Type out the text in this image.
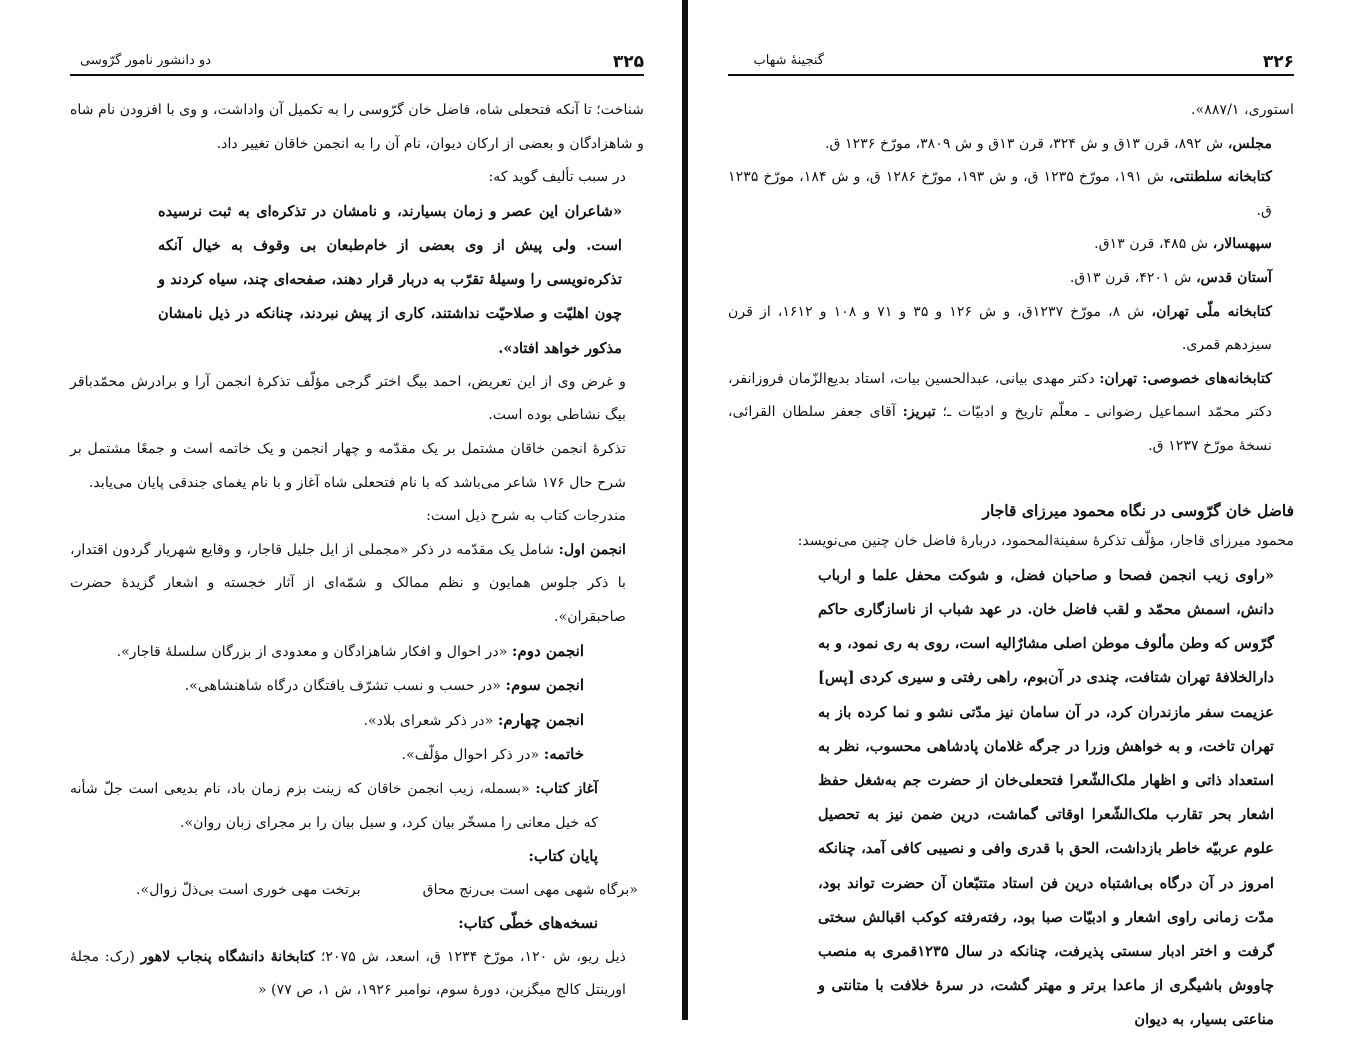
۳۲۵
دو دانشور نامور گرّوسی

شناخت؛ تا آنکه فتحعلی شاه، فاضل خان گرّوسی را به تکمیل آن واداشت، و وی با افزودن نام شاه و شاهزادگان و بعضی از ارکان دیوان، نام آن را به انجمن خاقان تغییر داد.

در سبب تألیف گوید که:

«شاعران این عصر و زمان بسیارند، و نامشان در تذکره‌ای به ثبت نرسیده است. ولی پیش از وی بعضی از خام‌طبعان بی وقوف به خیال آنکه تذکره‌نویسی را وسیلهٔ تقرّب به دربار قرار دهند، صفحه‌ای چند، سیاه کردند و چون اهلیّت و صلاحیّت نداشتند، کاری از پیش نبردند، چنانکه در ذیل نامشان مذکور خواهد افتاد».

و غرض وی از این تعریض، احمد بیگ اختر گرجی مؤلّف تذکرهٔ انجمن آرا و برادرش محمّدباقر بیگ نشاطی بوده است.

تذکرهٔ انجمن خاقان مشتمل بر یک مقدّمه و چهار انجمن و یک خاتمه است و جمعًا مشتمل بر شرح حال ۱۷۶ شاعر می‌باشد که با نام فتحعلی شاه آغاز و با نام یغمای جندقی پایان می‌یابد.

مندرجات کتاب به شرح ذیل است:

انجمن اول: شامل یک مقدّمه در ذکر «مجملی از ایل جلیل قاجار، و وقایع شهریار گردون اقتدار، با ذکر جلوس همایون و نظم ممالک و شمّه‌ای از آثار خجسته و اشعار گزیدهٔ حضرت صاحبقران».

انجمن دوم: «در احوال و افکار شاهزادگان و معدودی از بزرگان سلسلهٔ قاجار».

انجمن سوم: «در حسب و نسب تشرّف یافتگان درگاه شاهنشاهی».

انجمن چهارم: «در ذکر شعرای بلاد».

خاتمه: «در ذکر احوال مؤلّف».

آغاز کتاب: «بسمله، زیب انجمن خاقان که زینت بزم زمان باد، نام بدیعی است جلّ شأنه که خیل معانی را مسخّر بیان کرد، و سیل بیان را بر مجرای زبان روان».

پایان کتاب:

«برگاه شهی مهی است بی‌رنج محاق
برتخت مهی خوری است بی‌ذلّ زوال».

نسخه‌های خطّی کتاب:

ذیل ریو، ش ۱۲۰، مورّخ ۱۲۳۴ ق، اسعد، ش ۲۰۷۵؛ کتابخانهٔ دانشگاه پنجاب لاهور (رک: مجلهٔ اورینتل کالج میگزین، دورهٔ سوم، نوامبر ۱۹۲۶، ش ۱، ص ۷۷) «

۳۲۶
گنجینهٔ شهاب

استوری، ۸۸۷/۱».

مجلس، ش ۸۹۲، قرن ۱۳ق و ش ۳۲۴، قرن ۱۳ق و ش ۳۸۰۹، مورّخ ۱۲۳۶ ق.

کتابخانه سلطنتی، ش ۱۹۱، مورّخ ۱۲۳۵ ق، و ش ۱۹۳، مورّخ ۱۲۸۶ ق، و ش ۱۸۴، مورّخ ۱۲۳۵ ق.

سپهسالار، ش ۴۸۵، قرن ۱۳ق.

آستان قدس، ش ۴۲۰۱، قرن ۱۳ق.

کتابخانه ملّی تهران، ش ۸، مورّخ ۱۲۳۷ق، و ش ۱۲۶ و ۳۵ و ۷۱ و ۱۰۸ و ۱۶۱۲، از قرن سیزدهم قمری.

کتابخانه‌های خصوصی: تهران: دکتر مهدی بیانی، عبدالحسین بیات، استاد بدیع‌الزّمان فروزانفر، دکتر محمّد اسماعیل رضوانی ـ معلّم تاریخ و ادبیّات ـ؛ تبریز: آقای جعفر سلطان القرائی، نسخهٔ مورّخ ۱۲۳۷ ق.

فاضل خان گرّوسی در نگاه محمود میرزای قاجار

محمود میرزای قاجار، مؤلّف تذکرهٔ سفینة‌المحمود، دربارهٔ فاضل خان چنین می‌نویسد:

«راوی زیب انجمن فصحا و صاحبان فضل، و شوکت محفل علما و ارباب دانش، اسمش محمّد و لقب فاضل خان. در عهد شباب از ناسازگاری حاکم گرّوس که وطن مألوف موطن اصلی مشارٌالیه است، روی به ری نمود، و به دارالخلافهٔ تهران شتافت، چندی در آن‌بوم، راهی رفتی و سیری کردی [پس] عزیمت سفر مازندران کرد، در آن سامان نیز مدّتی نشو و نما کرده باز به تهران تاخت، و به خواهش وزرا در جرگه غلامان پادشاهی محسوب، نظر به استعداد ذاتی و اظهار ملک‌الشّعرا فتحعلی‌خان از حضرت جم به‌شغل حفظ اشعار بحر تقارب ملک‌الشّعرا اوقاتی گماشت، درین ضمن نیز به تحصیل علوم عربیّه خاطر بازداشت، الحق با قدری وافی و نصیبی کافی آمد، چنانکه امروز در آن درگاه بی‌اشتباه درین فن استاد متتبّعان آن حضرت تواند بود، مدّت زمانی راوی اشعار و ادبیّات صبا بود، رفته‌رفته کوکب اقبالش سختی گرفت و اختر ادبار سستی پذیرفت، چنانکه در سال ۱۲۳۵قمری به منصب چاووش باشیگری از ماعدا برتر و مهتر گشت، در سرهٔ خلافت با متانتی و مناعتی بسیار، به دیوان
